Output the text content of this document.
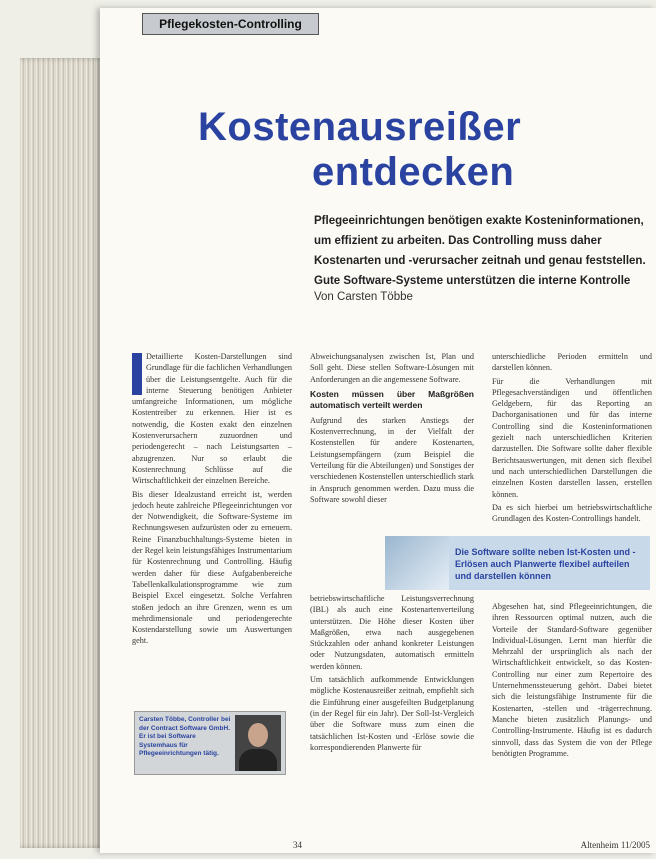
Pflegekosten-Controlling
Kostenausreißer
entdecken
Pflegeeinrichtungen benötigen exakte Kosteninformationen, um effizient zu arbeiten. Das Controlling muss daher Kostenarten und -verursacher zeitnah und genau feststellen. Gute Software-Systeme unterstützen die interne Kontrolle
Von Carsten Többe

Detaillierte Kosten-Darstellungen sind Grundlage für die fachlichen Verhandlungen über die Leistungsentgelte. Auch für die interne Steuerung benötigen Anbieter umfangreiche Informationen, um mögliche Kostentreiber zu erkennen. Hier ist es notwendig, die Kosten exakt den einzelnen Kostenverursachern zuzuordnen und periodengerecht – nach Leistungsarten – abzugrenzen. Nur so erlaubt die Kostenrechnung Schlüsse auf die Wirtschaftlichkeit der einzelnen Bereiche.

Bis dieser Idealzustand erreicht ist, werden jedoch heute zahlreiche Pflegeeinrichtungen vor der Notwendigkeit, die Software-Systeme im Rechnungswesen aufzurüsten oder zu erneuern. Reine Finanzbuchhaltungs-Systeme bieten in der Regel kein leistungsfähiges Instrumentarium für Kostenrechnung und Controlling. Häufig werden daher für diese Aufgabenbereiche Tabellenkalkulationsprogramme wie zum Beispiel Excel eingesetzt. Solche Verfahren stoßen jedoch an ihre Grenzen, wenn es um mehrdimensionale und periodengerechte Kostendarstellung sowie um Auswertungen geht.

Abweichungsanalysen zwischen Ist, Plan und Soll geht. Diese stellen Software-Lösungen mit Anforderungen an die angemessene Software.

Kosten müssen über Maßgrößen automatisch verteilt werden

Aufgrund des starken Anstiegs der Kostenverrechnung, in der Vielfalt der Kostenstellen für andere Kostenarten, Leistungsempfängern (zum Beispiel die Verteilung für die Abteilungen) und Sonstiges der verschiedenen Kostenstellen unterschiedlich stark in Anspruch genommen werden. Dazu muss die Software sowohl dieser

unterschiedliche Perioden ermitteln und darstellen können.

Für die Verhandlungen mit Pflegesachverständigen und öffentlichen Geldgebern, für das Reporting an Dachorganisationen und für das interne Controlling sind die Kosteninformationen gezielt nach unterschiedlichen Kriterien darzustellen. Die Software sollte daher flexible Berichtsauswertungen, mit denen sich flexibel und nach unterschiedlichen Darstellungen die einzelnen Kosten darstellen lassen, erstellen können.

Da es sich hierbei um betriebswirtschaftliche Grundlagen des Kosten-Controllings handelt.

Die Software sollte neben Ist-Kosten und -Erlösen auch Planwerte flexibel aufteilen und darstellen können

betriebswirtschaftliche Leistungsverrechnung (IBL) als auch eine Kostenartenverteilung unterstützen. Die Höhe dieser Kosten über Maßgrößen, etwa nach ausgegebenen Stückzahlen oder anhand konkreter Leistungen oder Nutzungsdaten, automatisch ermitteln werden können.

Um tatsächlich aufkommende Entwicklungen mögliche Kostenausreißer zeitnah, empfiehlt sich die Einführung einer ausgefeilten Budgetplanung (in der Regel für ein Jahr). Der Soll-Ist-Vergleich über die Software muss zum einen die tatsächlichen Ist-Kosten und -Erlöse sowie die korrespondierenden Planwerte für

Abgesehen hat, sind Pflegeeinrichtungen, die ihren Ressourcen optimal nutzen, auch die Vorteile der Standard-Software gegenüber Individual-Lösungen. Lernt man hierfür die Mehrzahl der ursprünglich als nach der Wirtschaftlichkeit entwickelt, so das Kosten-Controlling nur einer zum Repertoire des Unternehmenssteuerung gehört. Dabei bietet sich die leistungsfähige Instrumente für die Kostenarten, -stellen und -trägerrechnung. Manche bieten zusätzlich Planungs- und Controlling-Instrumente. Häufig ist es dadurch sinnvoll, dass das System die von der Pflege benötigten Programme.

Carsten Többe, Controller bei der Contract Software GmbH. Er ist bei Software Systemhaus für Pflegeeinrichtungen tätig.
34	Altenheim 11/2005
